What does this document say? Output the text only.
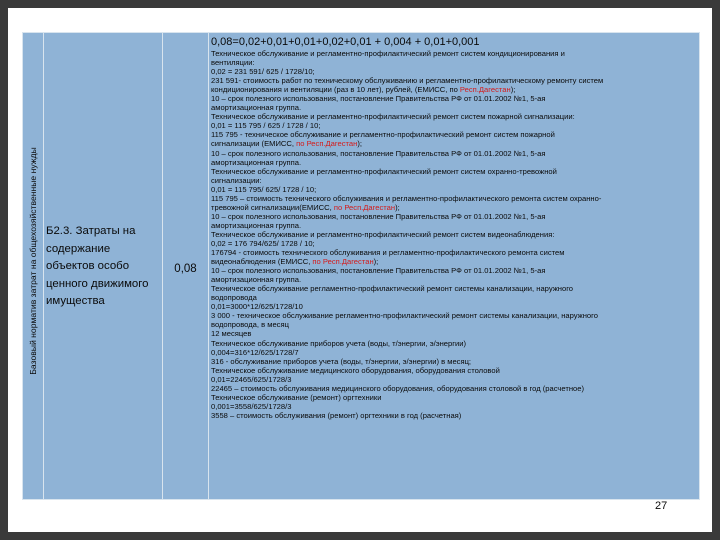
Базовый норматив затрат на общехозяйственные нужды Б2.3. Затраты на содержание объектов особо ценного движимого имущества
0,08
0,08=0,02+0,01+0,01+0,02+0,01 + 0,004 + 0,01+0,001
Техническое обслуживание и регламентно-профилактический ремонт систем кондиционирования и
вентиляции:
0,02 = 231 591/ 625 / 1728/10;
231 591- стоимость работ по техническому обслуживанию и регламентно-профилактическому ремонту систем
кондиционирования и вентиляции (раз в 10 лет), рублей, (ЕМИСС, по Респ.Дагестан);
10 – срок полезного использования, постановление Правительства РФ от 01.01.2002 №1, 5-ая
амортизационная группа.
Техническое обслуживание и регламентно-профилактический ремонт систем пожарной сигнализации:
0,01 = 115 795 / 625 / 1728 / 10;
115 795 - техническое обслуживание и регламентно-профилактический ремонт систем пожарной
сигнализации (ЕМИСС, по Респ.Дагестан);
10 – срок полезного использования, постановление Правительства РФ от 01.01.2002 №1, 5-ая
амортизационная группа.
Техническое обслуживание и регламентно-профилактический ремонт систем охранно-тревожной
сигнализации:
0,01 = 115 795/ 625/ 1728 / 10;
115 795 – стоимость технического обслуживания и регламентно-профилактического ремонта систем охранно-
тревожной сигнализации(ЕМИСС, по Респ.Дагестан);
10 – срок полезного использования, постановление Правительства РФ от 01.01.2002 №1, 5-ая
амортизационная группа.
Техническое обслуживание и регламентно-профилактический ремонт систем видеонаблюдения:
0,02 = 176 794/625/ 1728 / 10;
176794 - стоимость технического обслуживания и регламентно-профилактического ремонта систем
видеонаблюдения (ЕМИСС, по Респ.Дагестан);
10 – срок полезного использования, постановление Правительства РФ от 01.01.2002 №1, 5-ая
амортизационная группа.
Техническое обслуживание регламентно-профилактический ремонт системы канализации, наружного
водопровода
0,01=3000*12/625/1728/10
3 000 - техническое обслуживание регламентно-профилактический ремонт системы канализации, наружного
водопровода, в месяц
12 месяцев
Техническое обслуживание приборов учета (воды, т/энергии, э/энергии)
0,004=316*12/625/1728/7
316 - обслуживание приборов учета (воды, т/энергии, э/энергии) в месяц;
Техническое обслуживание медицинского оборудования, оборудования столовой
0,01=22465/625/1728/3
22465 – стоимость обслуживания медицинского оборудования, оборудования столовой в год (расчетное)
Техническое обслуживание (ремонт) оргтехники
0,001=3558/625/1728/3
3558 – стоимость обслуживания (ремонт) оргтехники в год (расчетная)
27
